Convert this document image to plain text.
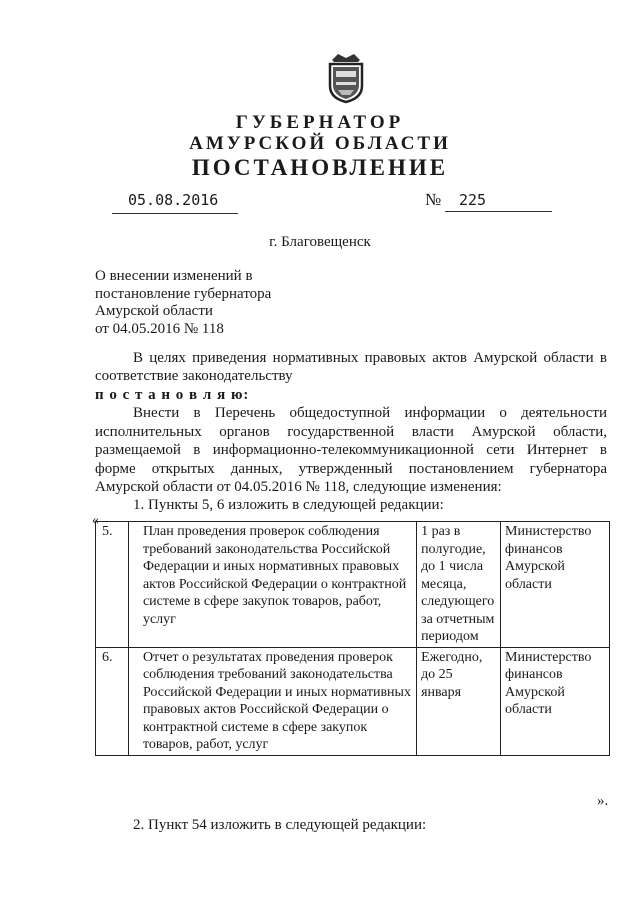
ГУБЕРНАТОР
АМУРСКОЙ ОБЛАСТИ
ПОСТАНОВЛЕНИЕ
05.08.2016	№ 225
г. Благовещенск
О внесении изменений в
постановление губернатора
Амурской области
от 04.05.2016 № 118
В целях приведения нормативных правовых актов Амурской области в
соответствие законодательству
п о с т а н о в л я ю:
Внести в Перечень общедоступной информации о деятельности
исполнительных органов государственной власти Амурской области,
размещаемой в информационно-телекоммуникационной сети Интернет в
форме открытых данных, утвержденный постановлением губернатора
Амурской области от 04.05.2016 № 118, следующие изменения:
1. Пункты 5, 6 изложить в следующей редакции:
«
5.	План проведения проверок соблюдения требований законодательства Российской Федерации и иных нормативных правовых актов Российской Федерации о контрактной системе в сфере закупок товаров, работ, услуг	1 раз в полугодие, до 1 числа месяца, следующего за отчетным периодом	Министерство финансов Амурской области
6.	Отчет о результатах проведения проверок соблюдения требований законодательства Российской Федерации и иных нормативных правовых актов Российской Федерации о контрактной системе в сфере закупок товаров, работ, услуг	Ежегодно, до 25 января	Министерство финансов Амурской области
».
2. Пункт 54 изложить в следующей редакции:
